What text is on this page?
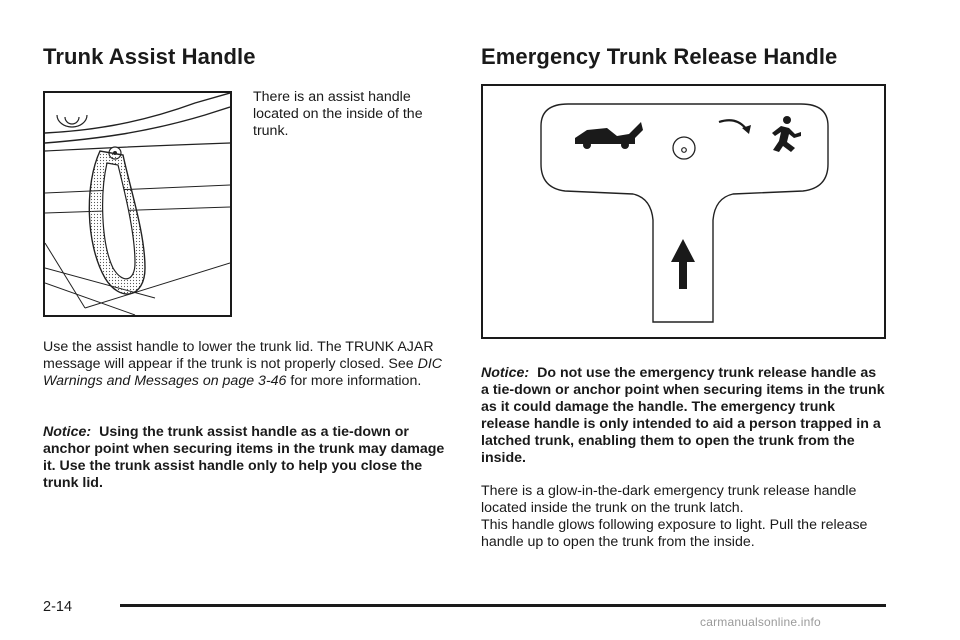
Trunk Assist Handle

There is an assist handle located on the inside of the trunk.

Use the assist handle to lower the trunk lid. The TRUNK AJAR message will appear if the trunk is not properly closed. See DIC Warnings and Messages on page 3-46 for more information.

Notice: Using the trunk assist handle as a tie-down or anchor point when securing items in the trunk may damage it. Use the trunk assist handle only to help you close the trunk lid.

Emergency Trunk Release Handle

Notice: Do not use the emergency trunk release handle as a tie-down or anchor point when securing items in the trunk as it could damage the handle. The emergency trunk release handle is only intended to aid a person trapped in a latched trunk, enabling them to open the trunk from the inside.

There is a glow-in-the-dark emergency trunk release handle located inside the trunk on the trunk latch.

This handle glows following exposure to light. Pull the release handle up to open the trunk from the inside.

2-14
carmanualsonline.info
